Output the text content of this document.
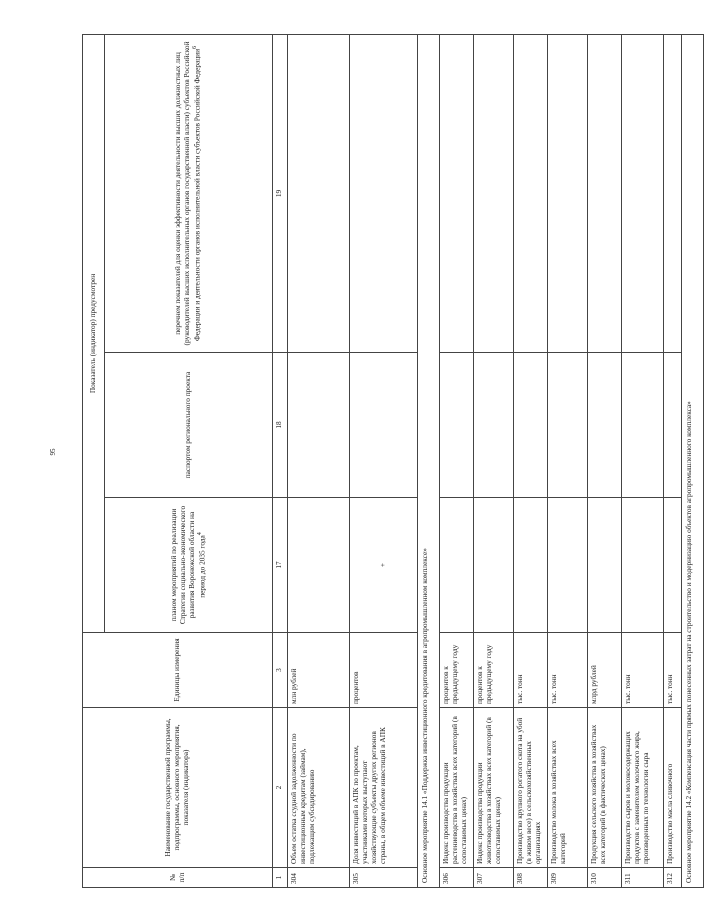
95
№ п/п	Наименование государственной программы, подпрограммы, основного мероприятия, показателя (индикатора)	Единицы измерения	Показатель (индикатор) предусмотрен		
			планом мероприятий по реализации Стратегии социально-экономического развития Воронежской области на период до 2035 года$^4$	паспортом регионального проекта	перечнем показателей для оценки эффективности деятельности высших должностных лиц (руководителей высших исполнительных органов государственной власти) субъектов Российской Федерации и деятельности органов исполнительной власти субъектов Российской Федерации$^6$
1	2	3	17	18	19
304	Объем остатка ссудной задолженности по инвестиционным кредитам (займам), подлежащим субсидированию	млн рублей			
305	Доля инвестиций в АПК по проектам, участниками которых выступают хозяйствующие субъекты других регионов страны, в общем объеме инвестиций в АПК	процентов	+		
Основное мероприятие 14.1 «Поддержка инвестиционного кредитования в агропромышленном комплексе»					
306	Индекс производства продукции растениеводства в хозяйствах всех категорий (в сопоставимых ценах)	процентов к предыдущему году			
307	Индекс производства продукции животноводства в хозяйствах всех категорий (в сопоставимых ценах)	процентов к предыдущему году			
308	Производство крупного рогатого скота на убой (в живом весе) в сельскохозяйственных организациях	тыс. тонн			
309	Производство молока в хозяйствах всех категорий	тыс. тонн			
310	Продукция сельского хозяйства в хозяйствах всех категорий (в фактических ценах)	млрд рублей			
311	Производство сыров и молокосодержащих продуктов с заменителем молочного жира, произведенных по технологии сыра	тыс. тонн			
312	Производство масла сливочного	тыс. тонн			
Основное мероприятие 14.2 «Компенсация части прямых понесенных затрат на строительство и модернизацию объектов агропромышленного комплекса»					
